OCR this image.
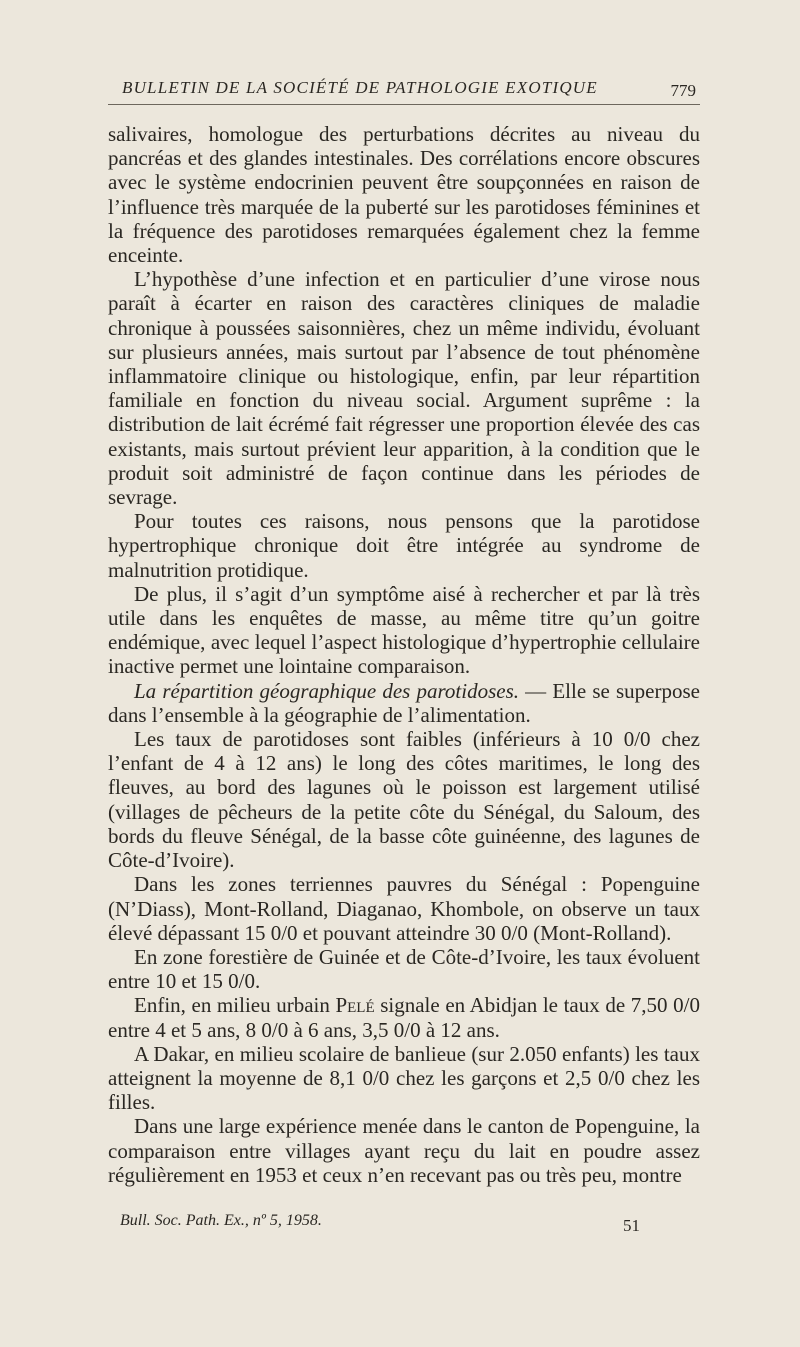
BULLETIN DE LA SOCIÉTÉ DE PATHOLOGIE EXOTIQUE	779

salivaires, homologue des perturbations décrites au niveau du pancréas et des glandes intestinales. Des corrélations encore obscures avec le système endocrinien peuvent être soupçonnées en raison de l’influence très marquée de la puberté sur les parotidoses féminines et la fréquence des parotidoses remarquées également chez la femme enceinte.

L’hypothèse d’une infection et en particulier d’une virose nous paraît à écarter en raison des caractères cliniques de maladie chronique à poussées saisonnières, chez un même individu, évoluant sur plusieurs années, mais surtout par l’absence de tout phénomène inflammatoire clinique ou histologique, enfin, par leur répartition familiale en fonction du niveau social. Argument suprême : la distribution de lait écrémé fait régresser une proportion élevée des cas existants, mais surtout prévient leur apparition, à la condition que le produit soit administré de façon continue dans les périodes de sevrage.

Pour toutes ces raisons, nous pensons que la parotidose hypertrophique chronique doit être intégrée au syndrome de malnutrition protidique.

De plus, il s’agit d’un symptôme aisé à rechercher et par là très utile dans les enquêtes de masse, au même titre qu’un goitre endémique, avec lequel l’aspect histologique d’hypertrophie cellulaire inactive permet une lointaine comparaison.

La répartition géographique des parotidoses. — Elle se superpose dans l’ensemble à la géographie de l’alimentation.

Les taux de parotidoses sont faibles (inférieurs à 10 0/0 chez l’enfant de 4 à 12 ans) le long des côtes maritimes, le long des fleuves, au bord des lagunes où le poisson est largement utilisé (villages de pêcheurs de la petite côte du Sénégal, du Saloum, des bords du fleuve Sénégal, de la basse côte guinéenne, des lagunes de Côte-d’Ivoire).

Dans les zones terriennes pauvres du Sénégal : Popenguine (N’Diass), Mont-Rolland, Diaganao, Khombole, on observe un taux élevé dépassant 15 0/0 et pouvant atteindre 30 0/0 (Mont-Rolland).

En zone forestière de Guinée et de Côte-d’Ivoire, les taux évoluent entre 10 et 15 0/0.

Enfin, en milieu urbain Pelé signale en Abidjan le taux de 7,50 0/0 entre 4 et 5 ans, 8 0/0 à 6 ans, 3,5 0/0 à 12 ans.

A Dakar, en milieu scolaire de banlieue (sur 2.050 enfants) les taux atteignent la moyenne de 8,1 0/0 chez les garçons et 2,5 0/0 chez les filles.

Dans une large expérience menée dans le canton de Popenguine, la comparaison entre villages ayant reçu du lait en poudre assez régulièrement en 1953 et ceux n’en recevant pas ou très peu, montre

Bull. Soc. Path. Ex., nº 5, 1958.	51
